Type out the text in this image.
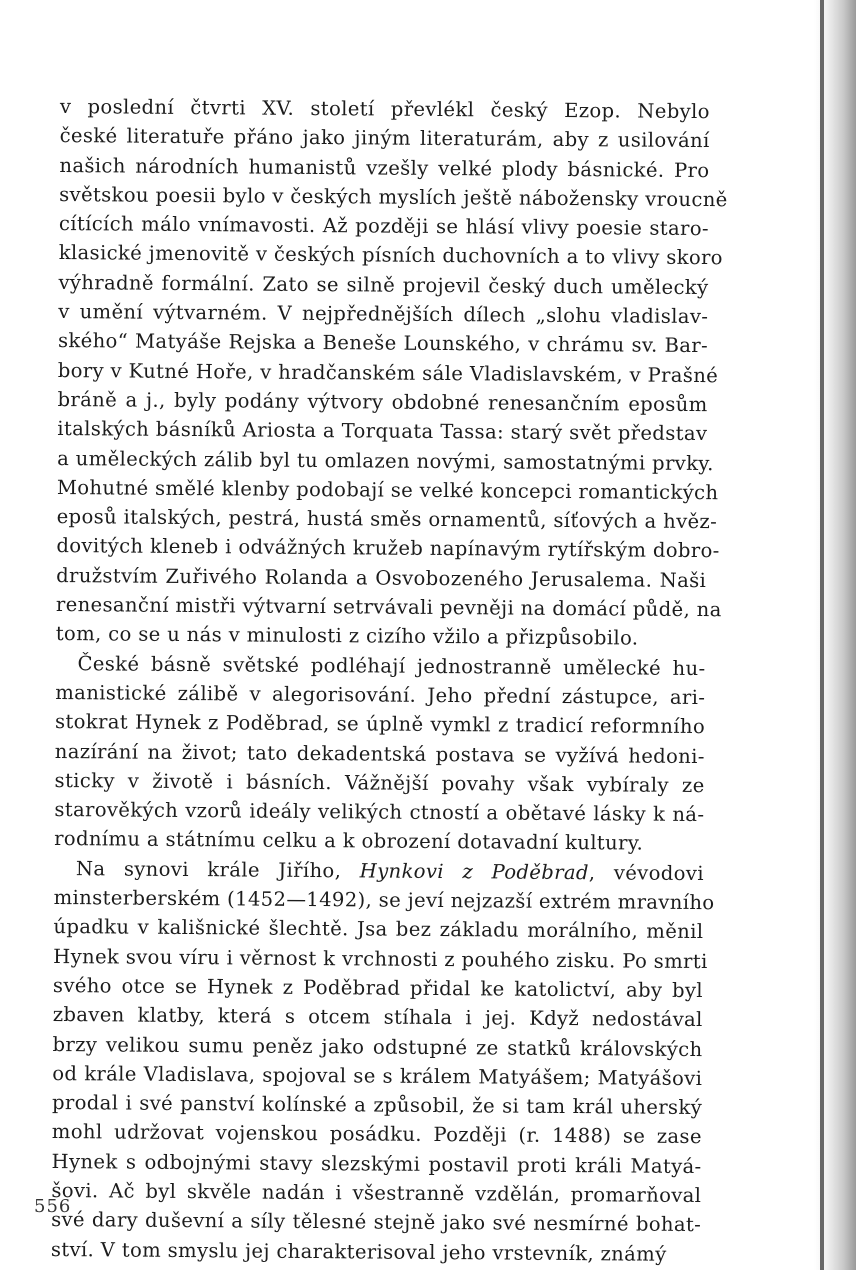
v poslední čtvrti XV. století převlékl český Ezop. Nebylo
české literatuře přáno jako jiným literaturám, aby z usilování
našich národních humanistů vzešly velké plody básnické. Pro
světskou poesii bylo v českých myslích ještě nábožensky vroucně
cítících málo vnímavosti. Až později se hlásí vlivy poesie staro-
klasické jmenovitě v českých písních duchovních a to vlivy skoro
výhradně formální. Zato se silně projevil český duch umělecký
v umění výtvarném. V nejpřednějších dílech „slohu vladislav-
ského“ Matyáše Rejska a Beneše Lounského, v chrámu sv. Bar-
bory v Kutné Hoře, v hradčanském sále Vladislavském, v Prašné
bráně a j., byly podány výtvory obdobné renesančním eposům
italských básníků Ariosta a Torquata Tassa: starý svět představ
a uměleckých zálib byl tu omlazen novými, samostatnými prvky.
Mohutné smělé klenby podobají se velké koncepci romantických
eposů italských, pestrá, hustá směs ornamentů, síťových a hvěz-
dovitých kleneb i odvážných kružeb napínavým rytířským dobro-
družstvím Zuřivého Rolanda a Osvobozeného Jerusalema. Naši
renesanční mistři výtvarní setrvávali pevněji na domácí půdě, na
tom, co se u nás v minulosti z cizího vžilo a přizpůsobilo.

České básně světské podléhají jednostranně umělecké hu-
manistické zálibě v alegorisování. Jeho přední zástupce, ari-
stokrat Hynek z Poděbrad, se úplně vymkl z tradicí reformního
nazírání na život; tato dekadentská postava se vyžívá hedoni-
sticky v životě i básních. Vážnější povahy však vybíraly ze
starověkých vzorů ideály velikých ctností a obětavé lásky k ná-
rodnímu a státnímu celku a k obrození dotavadní kultury.

Na synovi krále Jiřího, Hynkovi z Poděbrad, vévodovi
minsterberském (1452—1492), se jeví nejzazší extrém mravního
úpadku v kališnické šlechtě. Jsa bez základu morálního, měnil
Hynek svou víru i věrnost k vrchnosti z pouhého zisku. Po smrti
svého otce se Hynek z Poděbrad přidal ke katolictví, aby byl
zbaven klatby, která s otcem stíhala i jej. Když nedostával
brzy velikou sumu peněz jako odstupné ze statků královských
od krále Vladislava, spojoval se s králem Matyášem; Matyášovi
prodal i své panství kolínské a způsobil, že si tam král uherský
mohl udržovat vojenskou posádku. Později (r. 1488) se zase
Hynek s odbojnými stavy slezskými postavil proti králi Matyá-
šovi. Ač byl skvěle nadán i všestranně vzdělán, promarňoval
své dary duševní a síly tělesné stejně jako své nesmírné bohat-
ství. V tom smyslu jej charakterisoval jeho vrstevník, známý

556
